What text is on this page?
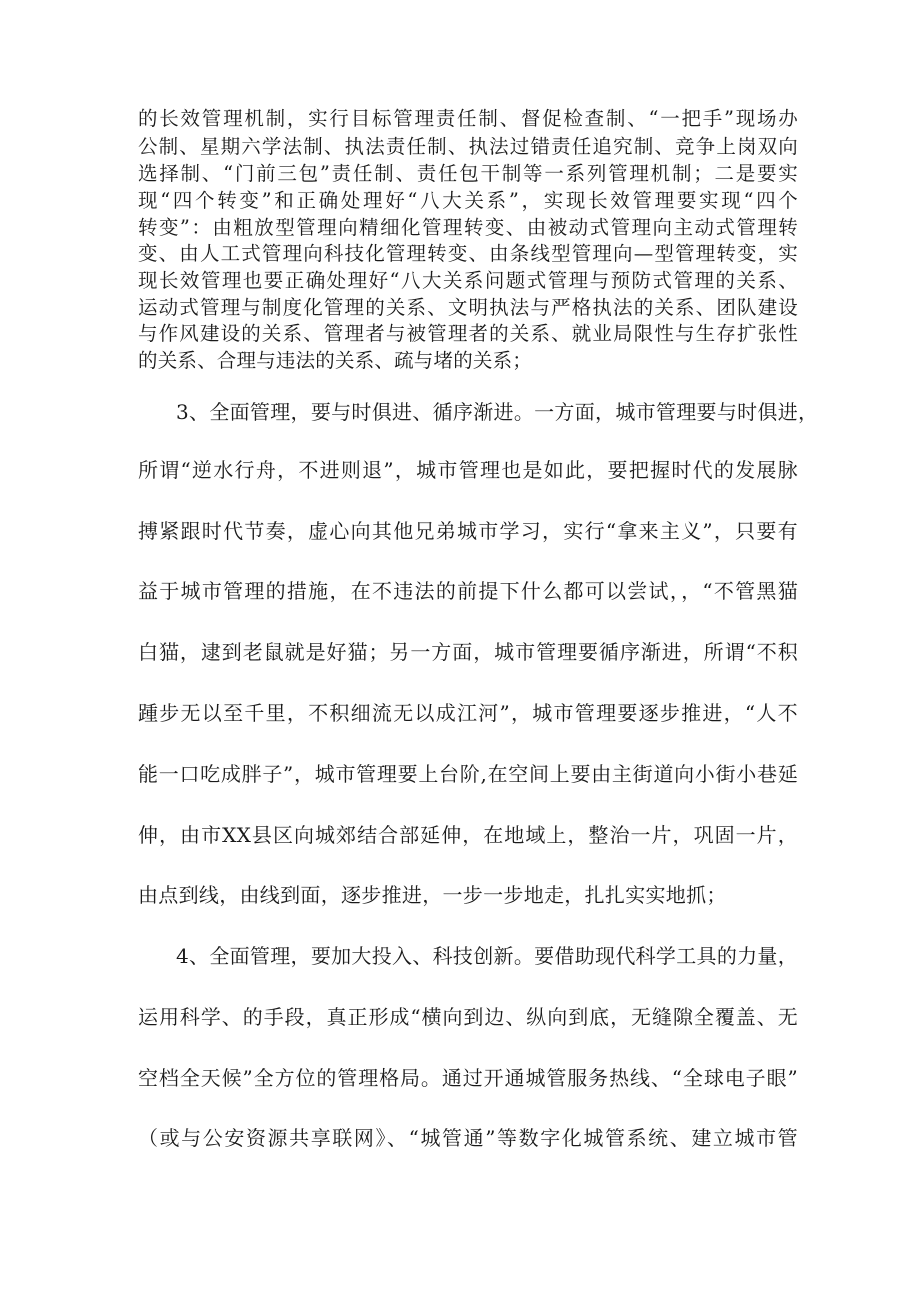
的长效管理机制，实行目标管理责任制、督促检查制、“一把手”现场办
公制、星期六学法制、执法责任制、执法过错责任追究制、竞争上岗双向
选择制、“门前三包”责任制、责任包干制等一系列管理机制；二是要实
现“四个转变”和正确处理好“八大关系”，实现长效管理要实现“四个
转变”：由粗放型管理向精细化管理转变、由被动式管理向主动式管理转
变、由人工式管理向科技化管理转变、由条线型管理向—型管理转变，实
现长效管理也要正确处理好“八大关系问题式管理与预防式管理的关系、
运动式管理与制度化管理的关系、文明执法与严格执法的关系、团队建设
与作风建设的关系、管理者与被管理者的关系、就业局限性与生存扩张性
的关系、合理与违法的关系、疏与堵的关系；
3、全面管理，要与时俱进、循序渐进。一方面，城市管理要与时俱进，
所谓“逆水行舟，不进则退”，城市管理也是如此，要把握时代的发展脉
搏紧跟时代节奏，虚心向其他兄弟城市学习，实行“拿来主义”，只要有
益于城市管理的措施，在不违法的前提下什么都可以尝试，，“不管黑猫
白猫，逮到老鼠就是好猫；另一方面，城市管理要循序渐进，所谓“不积
踵步无以至千里，不积细流无以成江河”，城市管理要逐步推进，“人不
能一口吃成胖子”，城市管理要上台阶,在空间上要由主街道向小街小巷延
伸，由市XX县区向城郊结合部延伸，在地域上，整治一片，巩固一片，
由点到线，由线到面，逐步推进，一步一步地走，扎扎实实地抓；
4、全面管理，要加大投入、科技创新。要借助现代科学工具的力量，
运用科学、的手段，真正形成“横向到边、纵向到底，无缝隙全覆盖、无
空档全天候”全方位的管理格局。通过开通城管服务热线、“全球电子眼”
（或与公安资源共享联网》、“城管通”等数字化城管系统、建立城市管
